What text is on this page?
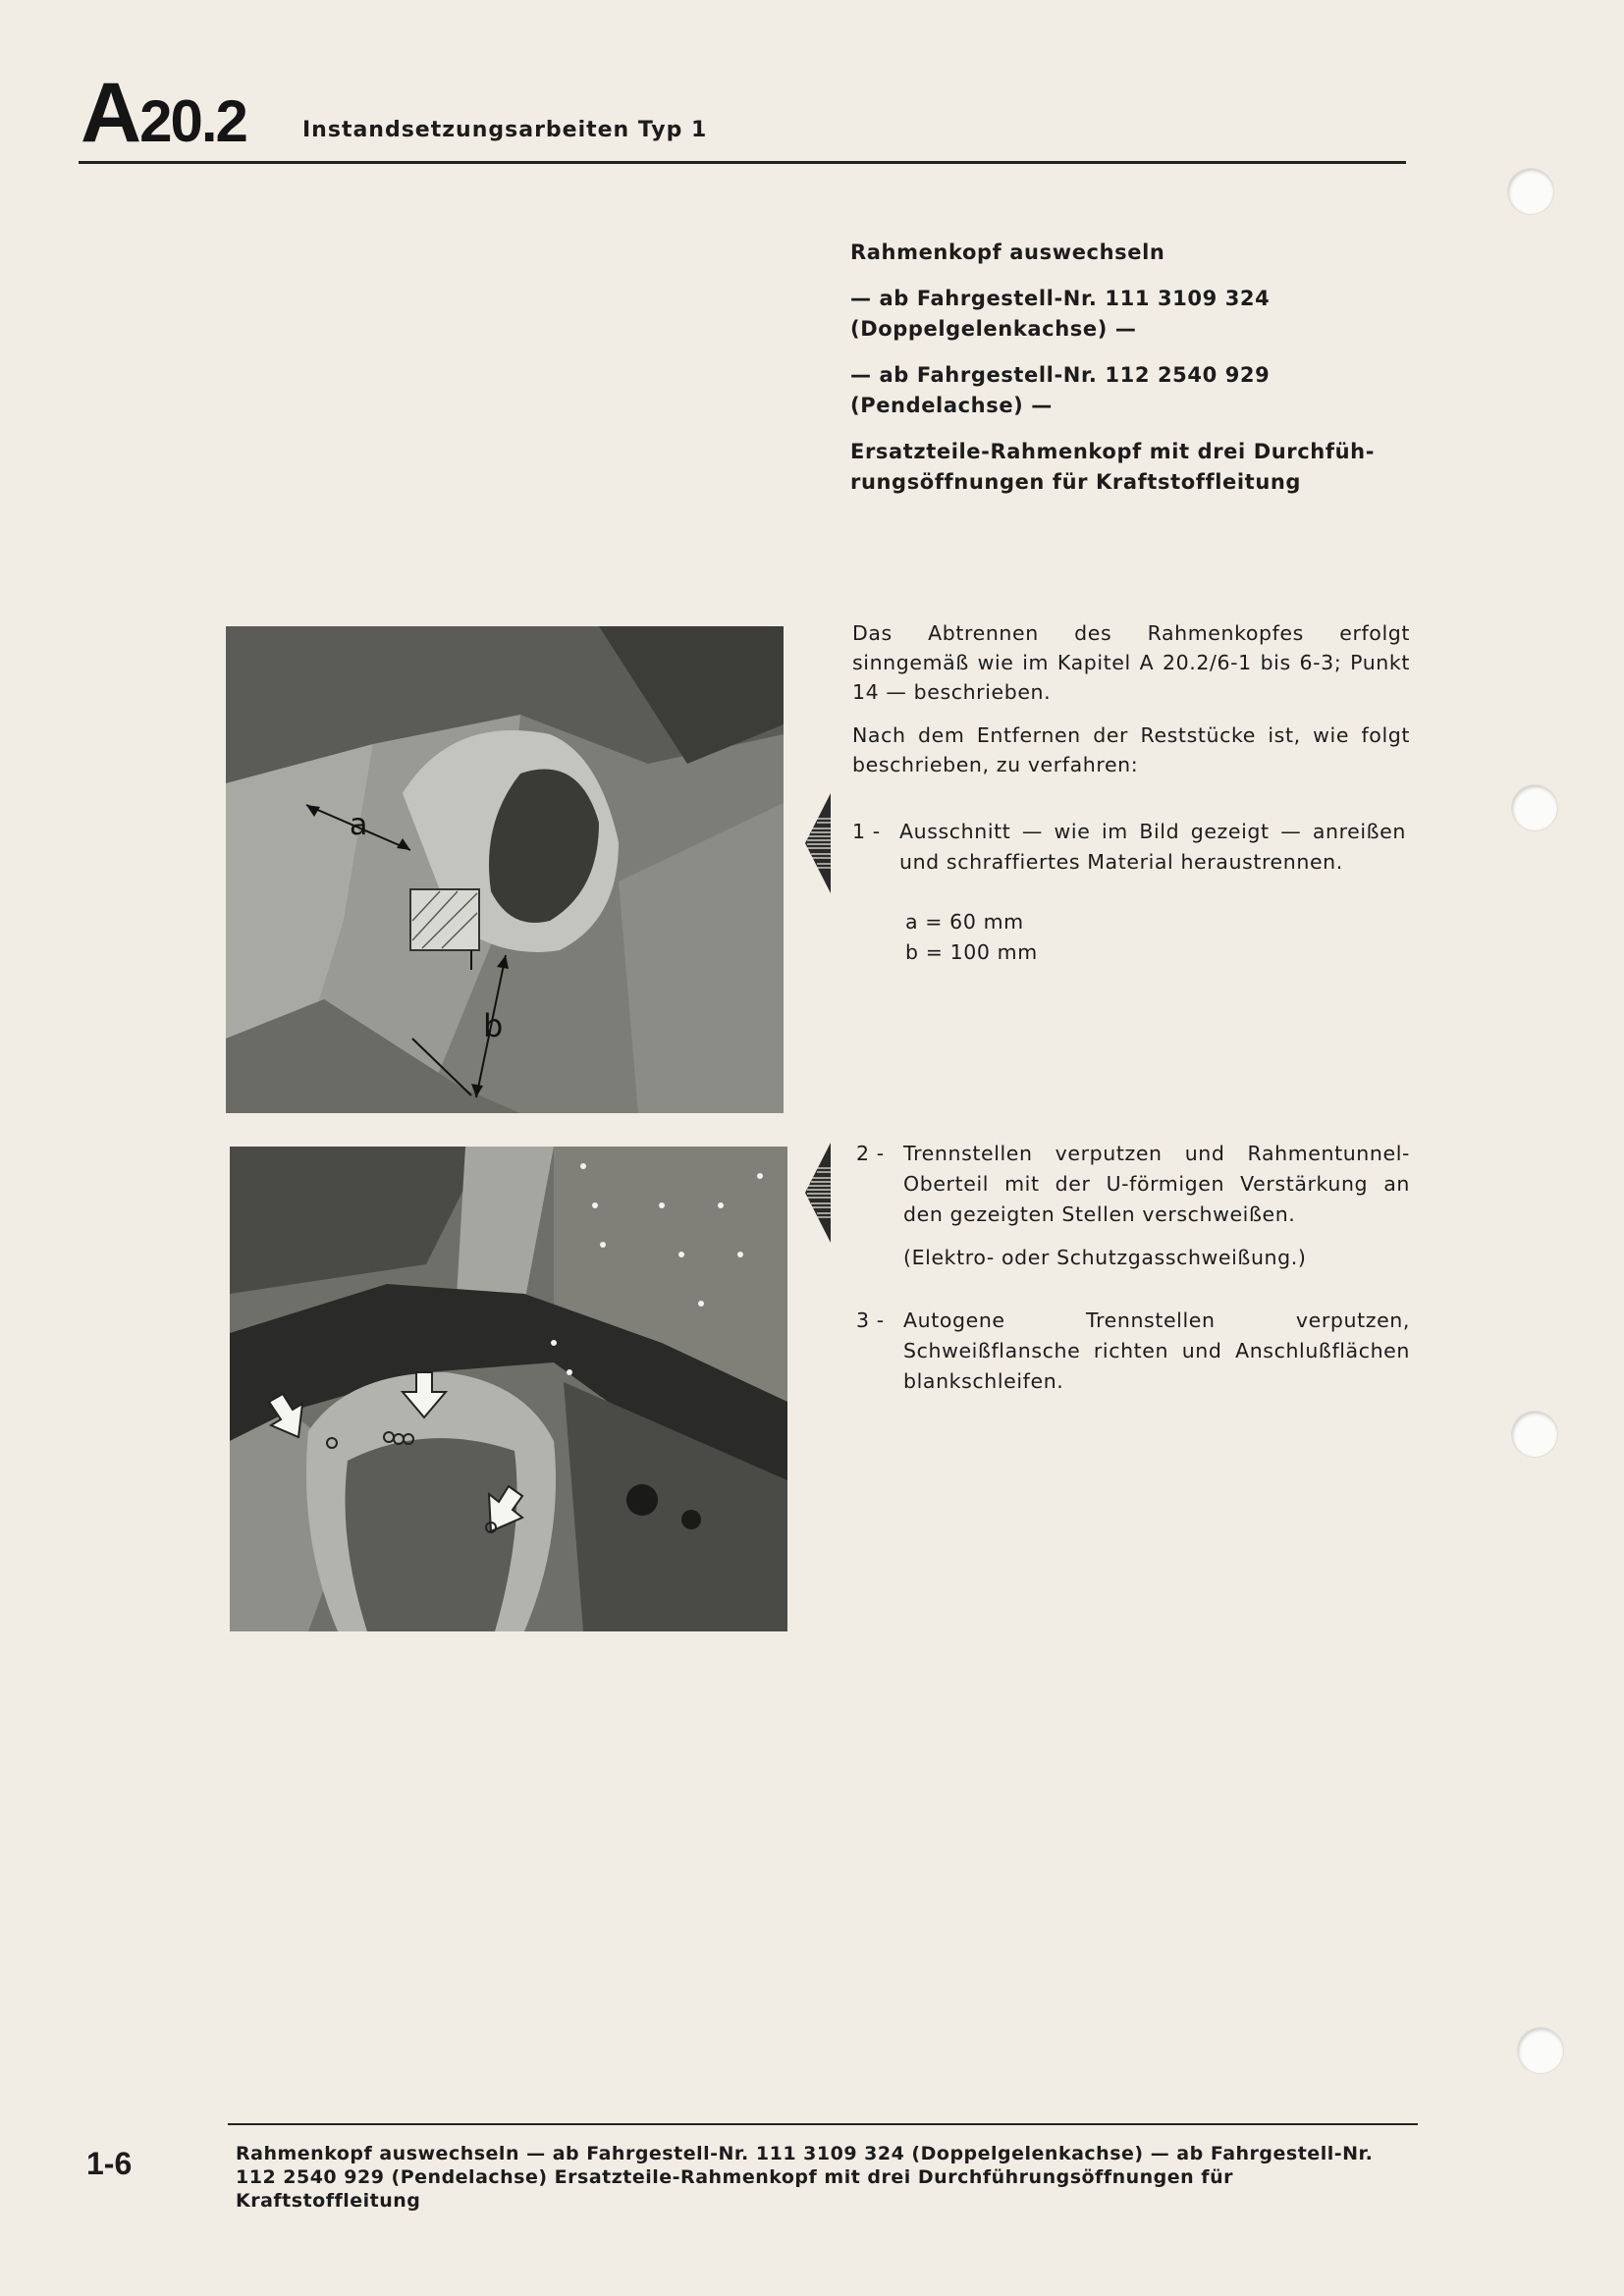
A20.2	Instandsetzungsarbeiten Typ 1

Rahmenkopf auswechseln

— ab Fahrgestell-Nr. 111 3109 324
(Doppelgelenkachse) —

— ab Fahrgestell-Nr. 112 2540 929
(Pendelachse) —

Ersatzteile-Rahmenkopf mit drei Durchfüh-
rungsöffnungen für Kraftstoffleitung

Das Abtrennen des Rahmenkopfes erfolgt sinngemäß wie im Kapitel A 20.2/6-1 bis 6-3; Punkt 14 — beschrieben.
Nach dem Entfernen der Reststücke ist, wie folgt beschrieben, zu verfahren:
1 - Ausschnitt — wie im Bild gezeigt — anreißen und schraffiertes Material heraustrennen.
a = 60 mm
b = 100 mm
2 - Trennstellen verputzen und Rahmentunnel-Oberteil mit der U-förmigen Verstärkung an den gezeigten Stellen verschweißen.
(Elektro- oder Schutzgasschweißung.)
3 - Autogene Trennstellen verputzen, Schweißflansche richten und Anschlußflächen blankschleifen.
a
b
1-6	Rahmenkopf auswechseln — ab Fahrgestell-Nr. 111 3109 324 (Doppelgelenkachse) — ab Fahrgestell-Nr.
112 2540 929 (Pendelachse) Ersatzteile-Rahmenkopf mit drei Durchführungsöffnungen für Kraftstoffleitung
